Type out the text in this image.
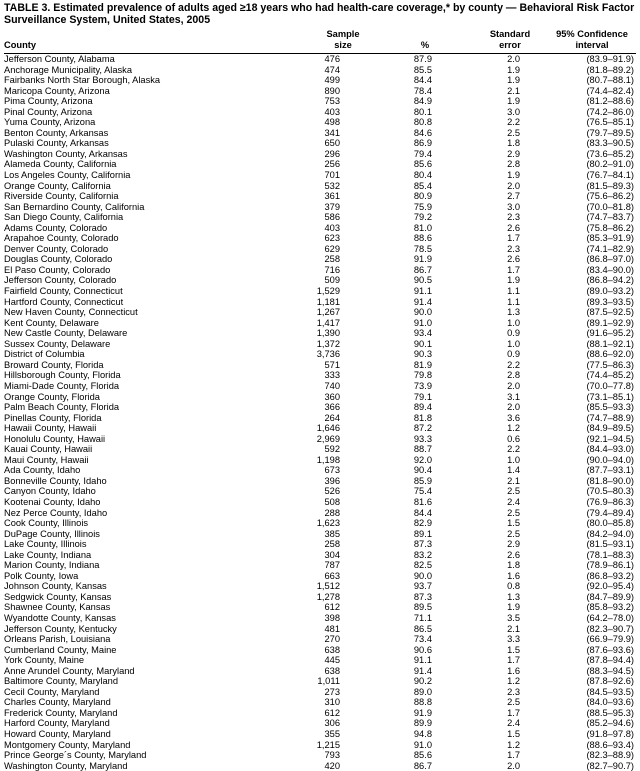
TABLE 3. Estimated prevalence of adults aged ≥18 years who had health-care coverage,* by county — Behavioral Risk Factor Surveillance System, United States, 2005
County
Sample
size	%
Standard
error
95% Confidence
interval
Jefferson County, Alabama	476	87.9	2.0	(83.9–91.9)
Anchorage Municipality, Alaska	474	85.5	1.9	(81.8–89.2)
Fairbanks North Star Borough, Alaska	499	84.4	1.9	(80.7–88.1)
Maricopa County, Arizona	890	78.4	2.1	(74.4–82.4)
Pima County, Arizona	753	84.9	1.9	(81.2–88.6)
Pinal County, Arizona	403	80.1	3.0	(74.2–86.0)
Yuma County, Arizona	498	80.8	2.2	(76.5–85.1)
Benton County, Arkansas	341	84.6	2.5	(79.7–89.5)
Pulaski County, Arkansas	650	86.9	1.8	(83.3–90.5)
Washington County, Arkansas	296	79.4	2.9	(73.6–85.2)
Alameda County, California	256	85.6	2.8	(80.2–91.0)
Los Angeles County, California	701	80.4	1.9	(76.7–84.1)
Orange County, California	532	85.4	2.0	(81.5–89.3)
Riverside County, California	361	80.9	2.7	(75.6–86.2)
San Bernardino County, California	379	75.9	3.0	(70.0–81.8)
San Diego County, California	586	79.2	2.3	(74.7–83.7)
Adams County, Colorado	403	81.0	2.6	(75.8–86.2)
Arapahoe County, Colorado	623	88.6	1.7	(85.3–91.9)
Denver County, Colorado	629	78.5	2.3	(74.1–82.9)
Douglas County, Colorado	258	91.9	2.6	(86.8–97.0)
El Paso County, Colorado	716	86.7	1.7	(83.4–90.0)
Jefferson County, Colorado	509	90.5	1.9	(86.8–94.2)
Fairfield County, Connecticut	1,529	91.1	1.1	(89.0–93.2)
Hartford County, Connecticut	1,181	91.4	1.1	(89.3–93.5)
New Haven County, Connecticut	1,267	90.0	1.3	(87.5–92.5)
Kent County, Delaware	1,417	91.0	1.0	(89.1–92.9)
New Castle County, Delaware	1,390	93.4	0.9	(91.6–95.2)
Sussex County, Delaware	1,372	90.1	1.0	(88.1–92.1)
District of Columbia	3,736	90.3	0.9	(88.6–92.0)
Broward County, Florida	571	81.9	2.2	(77.5–86.3)
Hillsborough County, Florida	333	79.8	2.8	(74.4–85.2)
Miami-Dade County, Florida	740	73.9	2.0	(70.0–77.8)
Orange County, Florida	360	79.1	3.1	(73.1–85.1)
Palm Beach County, Florida	366	89.4	2.0	(85.5–93.3)
Pinellas County, Florida	264	81.8	3.6	(74.7–88.9)
Hawaii County, Hawaii	1,646	87.2	1.2	(84.9–89.5)
Honolulu County, Hawaii	2,969	93.3	0.6	(92.1–94.5)
Kauai County, Hawaii	592	88.7	2.2	(84.4–93.0)
Maui County, Hawaii	1,198	92.0	1.0	(90.0–94.0)
Ada County, Idaho	673	90.4	1.4	(87.7–93.1)
Bonneville County, Idaho	396	85.9	2.1	(81.8–90.0)
Canyon County, Idaho	526	75.4	2.5	(70.5–80.3)
Kootenai County, Idaho	508	81.6	2.4	(76.9–86.3)
Nez Perce County, Idaho	288	84.4	2.5	(79.4–89.4)
Cook County, Illinois	1,623	82.9	1.5	(80.0–85.8)
DuPage County, Illinois	385	89.1	2.5	(84.2–94.0)
Lake County, Illinois	258	87.3	2.9	(81.5–93.1)
Lake County, Indiana	304	83.2	2.6	(78.1–88.3)
Marion County, Indiana	787	82.5	1.8	(78.9–86.1)
Polk County, Iowa	663	90.0	1.6	(86.8–93.2)
Johnson County, Kansas	1,512	93.7	0.8	(92.0–95.4)
Sedgwick County, Kansas	1,278	87.3	1.3	(84.7–89.9)
Shawnee County, Kansas	612	89.5	1.9	(85.8–93.2)
Wyandotte County, Kansas	398	71.1	3.5	(64.2–78.0)
Jefferson County, Kentucky	481	86.5	2.1	(82.3–90.7)
Orleans Parish, Louisiana	270	73.4	3.3	(66.9–79.9)
Cumberland County, Maine	638	90.6	1.5	(87.6–93.6)
York County, Maine	445	91.1	1.7	(87.8–94.4)
Anne Arundel County, Maryland	638	91.4	1.6	(88.3–94.5)
Baltimore County, Maryland	1,011	90.2	1.2	(87.8–92.6)
Cecil County, Maryland	273	89.0	2.3	(84.5–93.5)
Charles County, Maryland	310	88.8	2.5	(84.0–93.6)
Frederick County, Maryland	612	91.9	1.7	(88.5–95.3)
Harford County, Maryland	306	89.9	2.4	(85.2–94.6)
Howard County, Maryland	355	94.8	1.5	(91.8–97.8)
Montgomery County, Maryland	1,215	91.0	1.2	(88.6–93.4)
Prince George´s County, Maryland	793	85.6	1.7	(82.3–88.9)
Washington County, Maryland	420	86.7	2.0	(82.7–90.7)
